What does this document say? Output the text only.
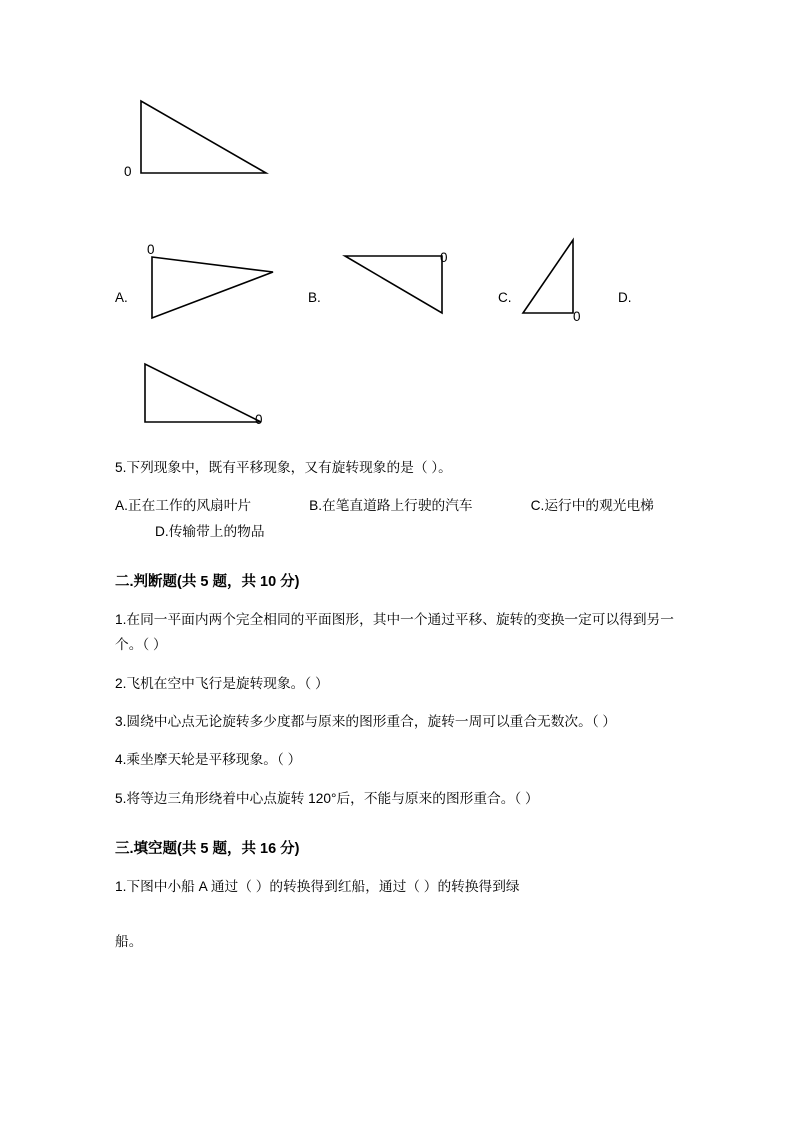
0
0
0
0
0
A.	B.	C.	D.

5.下列现象中，既有平移现象，又有旋转现象的是（ ）。

A.正在工作的风扇叶片	B.在笔直道路上行驶的汽车	C.运行中的观光电梯D.传输带上的物品

二.判断题(共 5 题，共 10 分)

1.在同一平面内两个完全相同的平面图形，其中一个通过平移、旋转的变换一定可以得到另一个。（ ）

2.飞机在空中飞行是旋转现象。（ ）

3.圆绕中心点无论旋转多少度都与原来的图形重合，旋转一周可以重合无数次。（ ）

4.乘坐摩天轮是平移现象。（ ）

5.将等边三角形绕着中心点旋转 120°后，不能与原来的图形重合。（ ）

三.填空题(共 5 题，共 16 分)

1.下图中小船 A 通过（ ）的转换得到红船，通过（ ）的转换得到绿

船。
